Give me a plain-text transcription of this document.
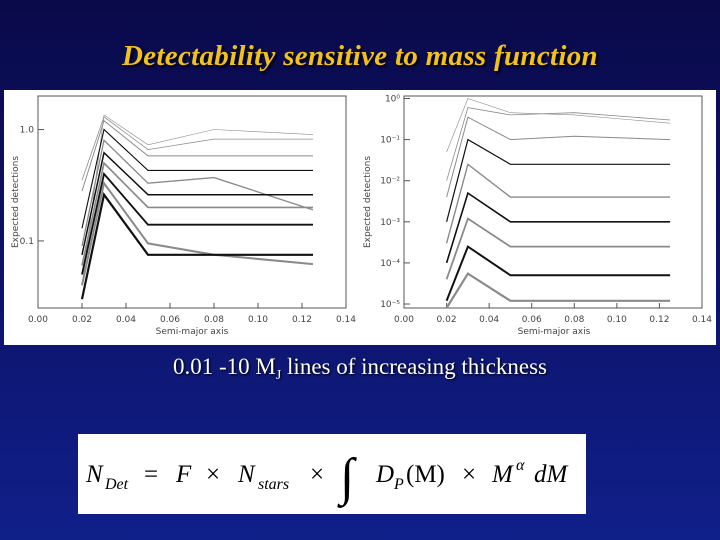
Detectability sensitive to mass function
0.00	0.02	0.04	0.06	0.08	0.10	0.12	0.14
0.1
1.0
Semi-major axis
Expected detections
0.00	0.02	0.04	0.06	0.08	0.10	0.12	0.14
10⁻⁵
10⁻⁴
10⁻³
10⁻²
10⁻¹
10⁰
Semi-major axis
Expected detections
0.01 -10 $M_J$ lines of increasing thickness
N Det = F × N stars × ∫ D P (M) × M α dM
